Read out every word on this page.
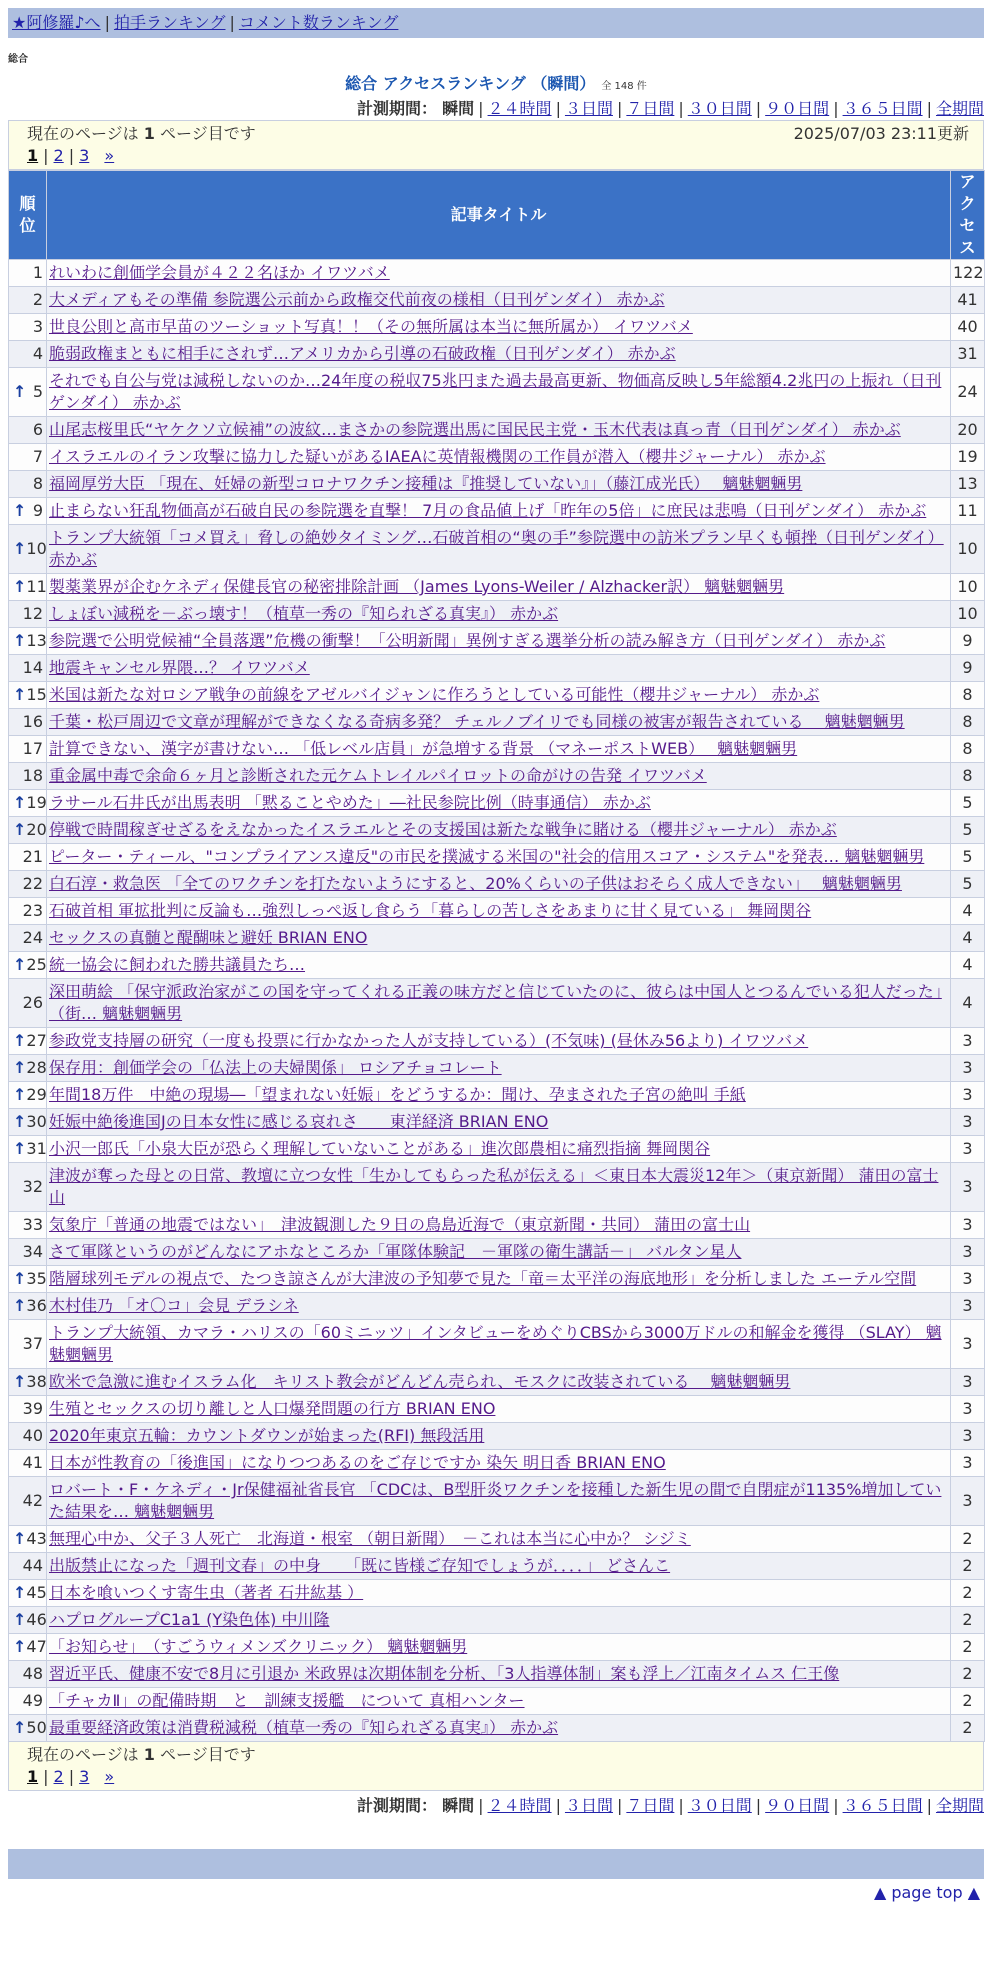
★阿修羅♪へ | 拍手ランキング | コメント数ランキング
総合
総合 アクセスランキング （瞬間） 全 148 件
計測期間： 瞬間 | ２４時間 | ３日間 | ７日間 | ３０日間 | ９０日間 | ３６５日間 | 全期間
現在のページは 1 ページ目です	2025/07/03 23:11更新
1 | 2 | 3 »
順位	記事タイトル	アクセス
1	れいわに創価学会員が４２２名ほか イワツバメ	122
2	大メディアもその準備 参院選公示前から政権交代前夜の様相（日刊ゲンダイ） 赤かぶ	41
3	世良公則と高市早苗のツーショット写真！！（その無所属は本当に無所属か） イワツバメ	40
4	脆弱政権まともに相手にされず…アメリカから引導の石破政権（日刊ゲンダイ） 赤かぶ	31

↑ 5	それでも自公与党は減税しないのか…24年度の税収75兆円また過去最高更新、物価高反映し5年総額4.2兆円の上振れ（日刊ゲンダイ） 赤かぶ	24
6	山尾志桜里氏“ヤケクソ立候補”の波紋…まさかの参院選出馬に国民民主党・玉木代表は真っ青（日刊ゲンダイ） 赤かぶ	20
7	イスラエルのイラン攻撃に協力した疑いがあるIAEAに英情報機関の工作員が潜入（櫻井ジャーナル） 赤かぶ	19
8	福岡厚労大臣 「現在、妊婦の新型コロナワクチン接種は『推奨していない』」（藤江成光氏）　 魑魅魍魎男	13

↑ 9	止まらない狂乱物価高が石破自民の参院選を直撃！ 7月の食品値上げ「昨年の5倍」に庶民は悲鳴（日刊ゲンダイ） 赤かぶ	11

↑ 10	トランプ大統領「コメ買え」脅しの絶妙タイミング…石破首相の“奥の手”参院選中の訪米プラン早くも頓挫（日刊ゲンダイ） 赤かぶ	10

↑ 11	製薬業界が企むケネディ保健長官の秘密排除計画 （James Lyons-Weiler / Alzhacker訳） 魑魅魍魎男	10
12	しょぼい減税を－ぶっ壊す！（植草一秀の『知られざる真実』） 赤かぶ	10

↑ 13	参院選で公明党候補“全員落選”危機の衝撃！「公明新聞」異例すぎる選挙分析の読み解き方（日刊ゲンダイ） 赤かぶ	9
14	地震キャンセル界隈…？ イワツバメ	9

↑ 15	米国は新たな対ロシア戦争の前線をアゼルバイジャンに作ろうとしている可能性（櫻井ジャーナル） 赤かぶ	8
16	千葉・松戸周辺で文章が理解ができなくなる奇病多発？ チェルノブイリでも同様の被害が報告されている　 魑魅魍魎男	8
17	計算できない、漢字が書けない… 「低レベル店員」が急増する背景 （マネーポストWEB）　 魑魅魍魎男	8
18	重金属中毒で余命６ヶ月と診断された元ケムトレイルパイロットの命がけの告発 イワツバメ	8

↑ 19	ラサール石井氏が出馬表明 「黙ることやめた」―社民参院比例（時事通信） 赤かぶ	5

↑ 20	停戦で時間稼ぎせざるをえなかったイスラエルとその支援国は新たな戦争に賭ける（櫻井ジャーナル） 赤かぶ	5
21	ピーター・ティール、"コンプライアンス違反"の市民を撲滅する米国の"社会的信用スコア・システム"を発表… 魑魅魍魎男	5
22	白石淳・救急医 「全てのワクチンを打たないようにすると、20%くらいの子供はおそらく成人できない」　 魑魅魍魎男	5
23	石破首相 軍拡批判に反論も…強烈しっぺ返し食らう「暮らしの苦しさをあまりに甘く見ている」 舞岡関谷	4
24	セックスの真髄と醍醐味と避妊 BRIAN ENO	4

↑ 25	統一協会に飼われた勝共議員たち…	4
26	深田萌絵 「保守派政治家がこの国を守ってくれる正義の味方だと信じていたのに、彼らは中国人とつるんでいる犯人だった」（街… 魑魅魍魎男	4

↑ 27	参政党支持層の研究（一度も投票に行かなかった人が支持している）(不気味) (昼休み56より) イワツバメ	3

↑ 28	保存用：創価学会の「仏法上の夫婦関係」 ロシアチョコレート	3

↑ 29	年間18万件　中絶の現場―「望まれない妊娠」をどうするか：聞け、孕まされた子宮の絶叫 手紙	3

↑ 30	妊娠中絶後進国Jの日本女性に感じる哀れさ　　東洋経済 BRIAN ENO	3

↑ 31	小沢一郎氏「小泉大臣が恐らく理解していないことがある」進次郎農相に痛烈指摘 舞岡関谷	3
32	津波が奪った母との日常、教壇に立つ女性「生かしてもらった私が伝える」＜東日本大震災12年＞（東京新聞） 蒲田の富士山	3
33	気象庁「普通の地震ではない」　津波観測した９日の鳥島近海で（東京新聞・共同） 蒲田の富士山	3
34	さて軍隊というのがどんなにアホなところか「軍隊体験記　－軍隊の衛生講話－」 バルタン星人	3

↑ 35	階層球列モデルの視点で、たつき諒さんが大津波の予知夢で見た「竜＝太平洋の海底地形」を分析しました エーテル空間	3

↑ 36	木村佳乃 「オ〇コ」会見 デラシネ	3
37	トランプ大統領、カマラ・ハリスの「60ミニッツ」インタビューをめぐりCBSから3000万ドルの和解金を獲得 （SLAY） 魑魅魍魎男	3

↑ 38	欧米で急激に進むイスラム化　キリスト教会がどんどん売られ、モスクに改装されている　 魑魅魍魎男	3
39	生殖とセックスの切り離しと人口爆発問題の行方 BRIAN ENO	3
40	2020年東京五輪：カウントダウンが始まった(RFI) 無段活用	3
41	日本が性教育の「後進国」になりつつあるのをご存じですか 染矢 明日香 BRIAN ENO	3
42	ロバート・F・ケネディ・Jr保健福祉省長官 「CDCは、B型肝炎ワクチンを接種した新生児の間で自閉症が1135%増加していた結果を… 魑魅魍魎男	3

↑ 43	無理心中か、父子３人死亡　北海道・根室 （朝日新聞）　－これは本当に心中か？ シジミ	2
44	出版禁止になった「週刊文春」の中身　　「既に皆様ご存知でしょうが．．．．」 どさんこ	2

↑ 45	日本を喰いつくす寄生虫（著者 石井紘基 ）	2

↑ 46	ハプログループC1a1 (Y染色体) 中川隆	2

↑ 47	「お知らせ」　（すごうウィメンズクリニック） 魑魅魍魎男	2
48	習近平氏、健康不安で8月に引退か 米政界は次期体制を分析、「3人指導体制」案も浮上／江南タイムス 仁王像	2
49	「チャカⅡ」の配備時期　と　訓練支援艦　について 真相ハンター	2

↑ 50	最重要経済政策は消費税減税（植草一秀の『知られざる真実』） 赤かぶ	2
現在のページは 1 ページ目です
1 | 2 | 3 »
計測期間： 瞬間 | ２４時間 | ３日間 | ７日間 | ３０日間 | ９０日間 | ３６５日間 | 全期間
▲ page top ▲
